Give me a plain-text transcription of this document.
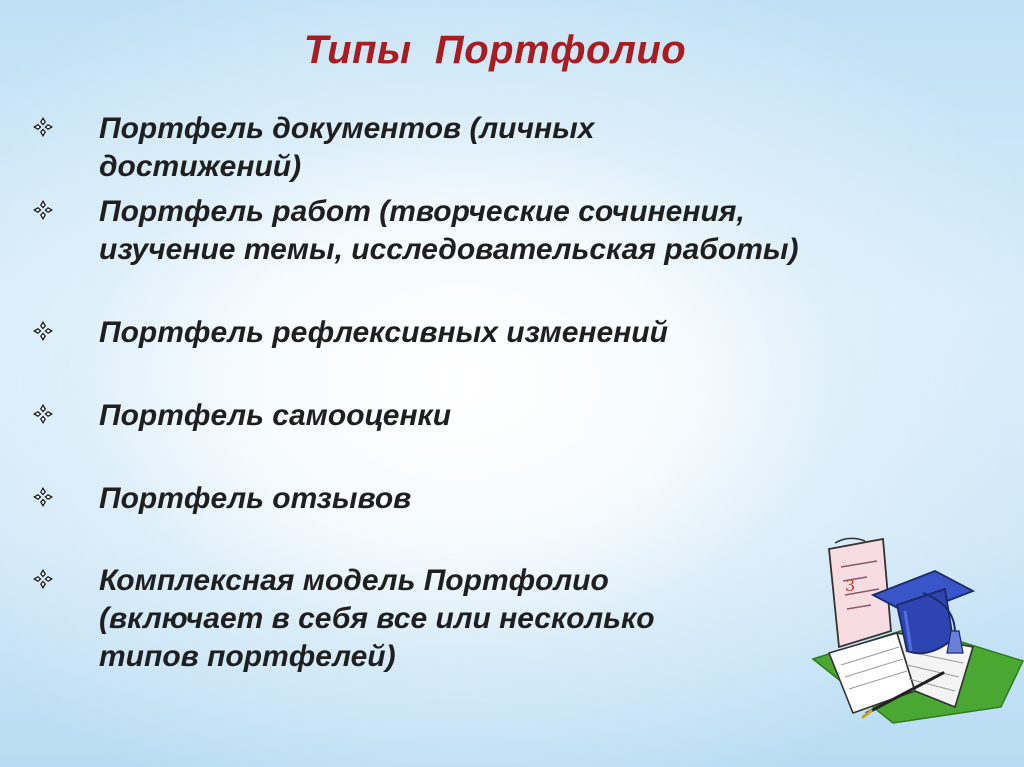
Типы  Портфолио
Портфель документов (личных достижений)
Портфель работ (творческие сочинения,
изучение темы, исследовательская работы)
Портфель рефлексивных изменений
Портфель самооценки
Портфель отзывов
Комплексная модель Портфолио
(включает в себя все или несколько
типов портфелей)
3
